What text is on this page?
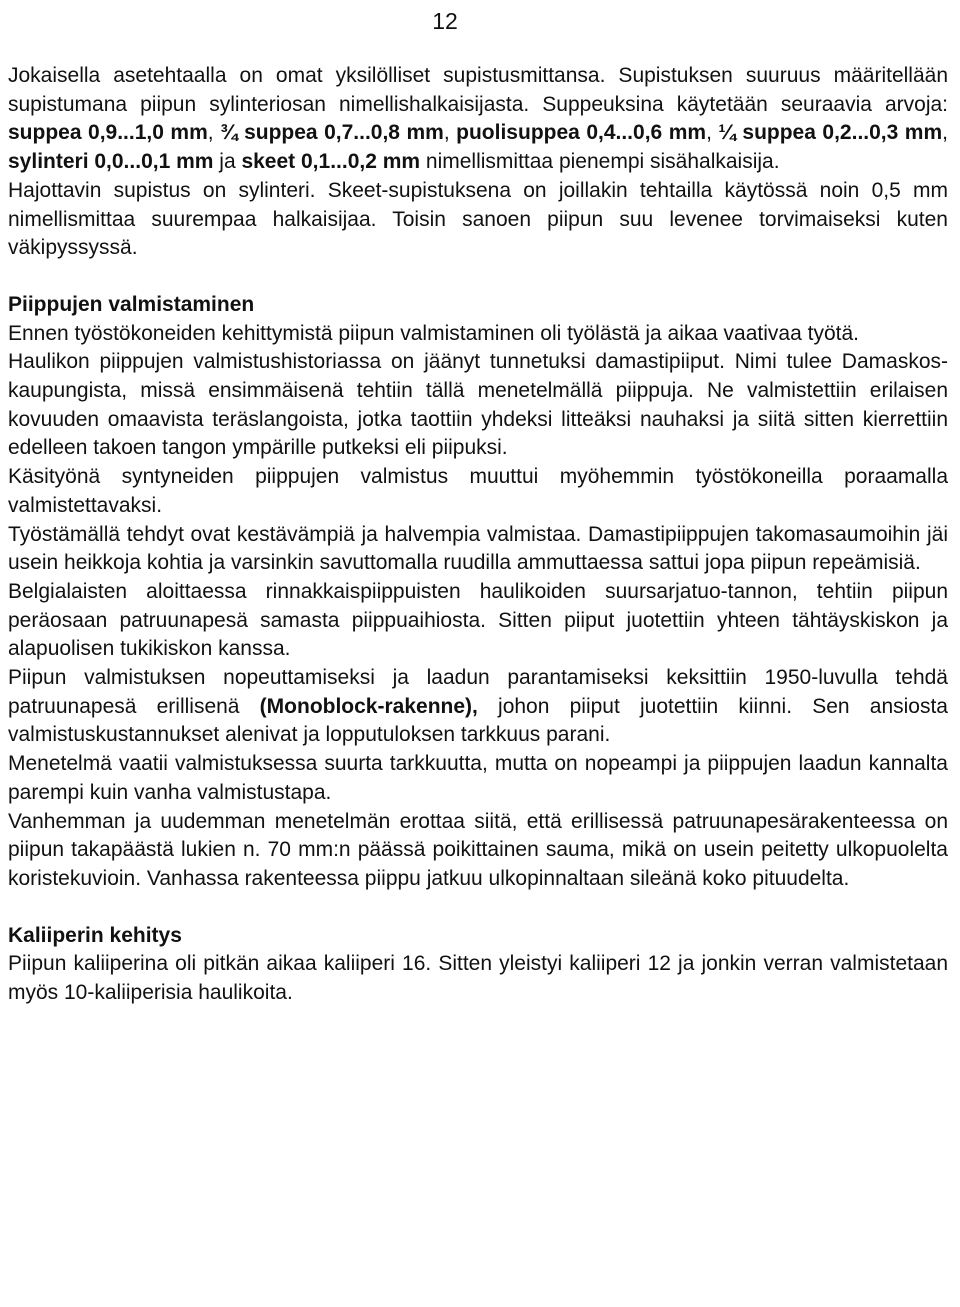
12

Jokaisella asetehtaalla on omat yksilölliset supistusmittansa. Supistuksen suuruus määritellään supistumana piipun sylinteriosan nimellishalkaisijasta. Suppeuksina käytetään seuraavia arvoja: suppea 0,9...1,0 mm, ¾ suppea 0,7...0,8 mm, puolisuppea 0,4...0,6 mm, ¼ suppea 0,2...0,3 mm, sylinteri 0,0...0,1 mm ja skeet 0,1...0,2 mm nimellismittaa pienempi sisähalkaisija.

Hajottavin supistus on sylinteri. Skeet-supistuksena on joillakin tehtailla käytössä noin 0,5 mm nimellismittaa suurempaa halkaisijaa. Toisin sanoen piipun suu levenee torvimaiseksi kuten väkipyssyssä.

Piippujen valmistaminen

Ennen työstökoneiden kehittymistä piipun valmistaminen oli työlästä ja aikaa vaativaa työtä.

Haulikon piippujen valmistushistoriassa on jäänyt tunnetuksi damastipiiput. Nimi tulee Damaskos-kaupungista, missä ensimmäisenä tehtiin tällä menetelmällä piippuja. Ne valmistettiin erilaisen kovuuden omaavista teräslangoista, jotka taottiin yhdeksi litteäksi nauhaksi ja siitä sitten kierrettiin edelleen takoen tangon ympärille putkeksi eli piipuksi.

Käsityönä syntyneiden piippujen valmistus muuttui myöhemmin työstökoneilla poraamalla valmistettavaksi.

Työstämällä tehdyt ovat kestävämpiä ja halvempia valmistaa. Damastipiippujen takomasaumoihin jäi usein heikkoja kohtia ja varsinkin savuttomalla ruudilla ammuttaessa sattui jopa piipun repeämisiä.

Belgialaisten aloittaessa rinnakkaispiippuisten haulikoiden suursarjatuo-tannon, tehtiin piipun peräosaan patruunapesä samasta piippuaihiosta. Sitten piiput juotettiin yhteen tähtäyskiskon ja alapuolisen tukikiskon kanssa.

Piipun valmistuksen nopeuttamiseksi ja laadun parantamiseksi keksittiin 1950-luvulla tehdä patruunapesä erillisenä (Monoblock-rakenne), johon piiput juotettiin kiinni. Sen ansiosta valmistuskustannukset alenivat ja lopputuloksen tarkkuus parani.

Menetelmä vaatii valmistuksessa suurta tarkkuutta, mutta on nopeampi ja piippujen laadun kannalta parempi kuin vanha valmistustapa.

Vanhemman ja uudemman menetelmän erottaa siitä, että erillisessä patruunapesärakenteessa on piipun takapäästä lukien n. 70 mm:n päässä poikittainen sauma, mikä on usein peitetty ulkopuolelta koristekuvioin. Vanhassa rakenteessa piippu jatkuu ulkopinnaltaan sileänä koko pituudelta.

Kaliiperin kehitys

Piipun kaliiperina oli pitkän aikaa kaliiperi 16. Sitten yleistyi kaliiperi 12 ja jonkin verran valmistetaan myös 10-kaliiperisia haulikoita.
